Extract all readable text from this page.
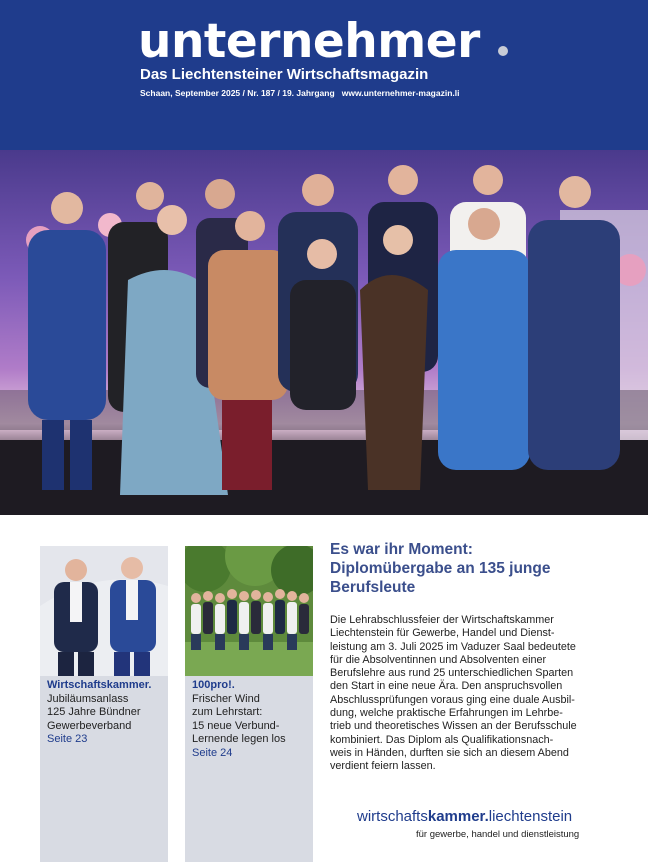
unternehmer
Das Liechtensteiner Wirtschaftsmagazin
Schaan, September 2025 / Nr. 187 / 19. Jahrgang   www.unternehmer-magazin.li
Wirtschaftskammer.
Jubiläumsanlass
125 Jahre Bündner
Gewerbeverband
Seite 23
100pro!.
Frischer Wind
zum Lehrstart:
15 neue Verbund-
Lernende legen los
Seite 24
Es war ihr Moment:
Diplomübergabe an 135 junge
Berufsleute
Die Lehrabschlussfeier der Wirtschaftskammer
Liechtenstein für Gewerbe, Handel und Dienst-
leistung am 3. Juli 2025 im Vaduzer Saal bedeutete
für die Absolventinnen und Absolventen einer
Berufslehre aus rund 25 unterschiedlichen Sparten
den Start in eine neue Ära. Den anspruchsvollen
Abschlussprüfungen voraus ging eine duale Ausbil-
dung, welche praktische Erfahrungen im Lehrbe-
trieb und theoretisches Wissen an der Berufsschule
kombiniert. Das Diplom als Qualifikationsnach-
weis in Händen, durften sie sich an diesem Abend
verdient feiern lassen.
wirtschaftskammer.liechtenstein
für gewerbe, handel und dienstleistung
